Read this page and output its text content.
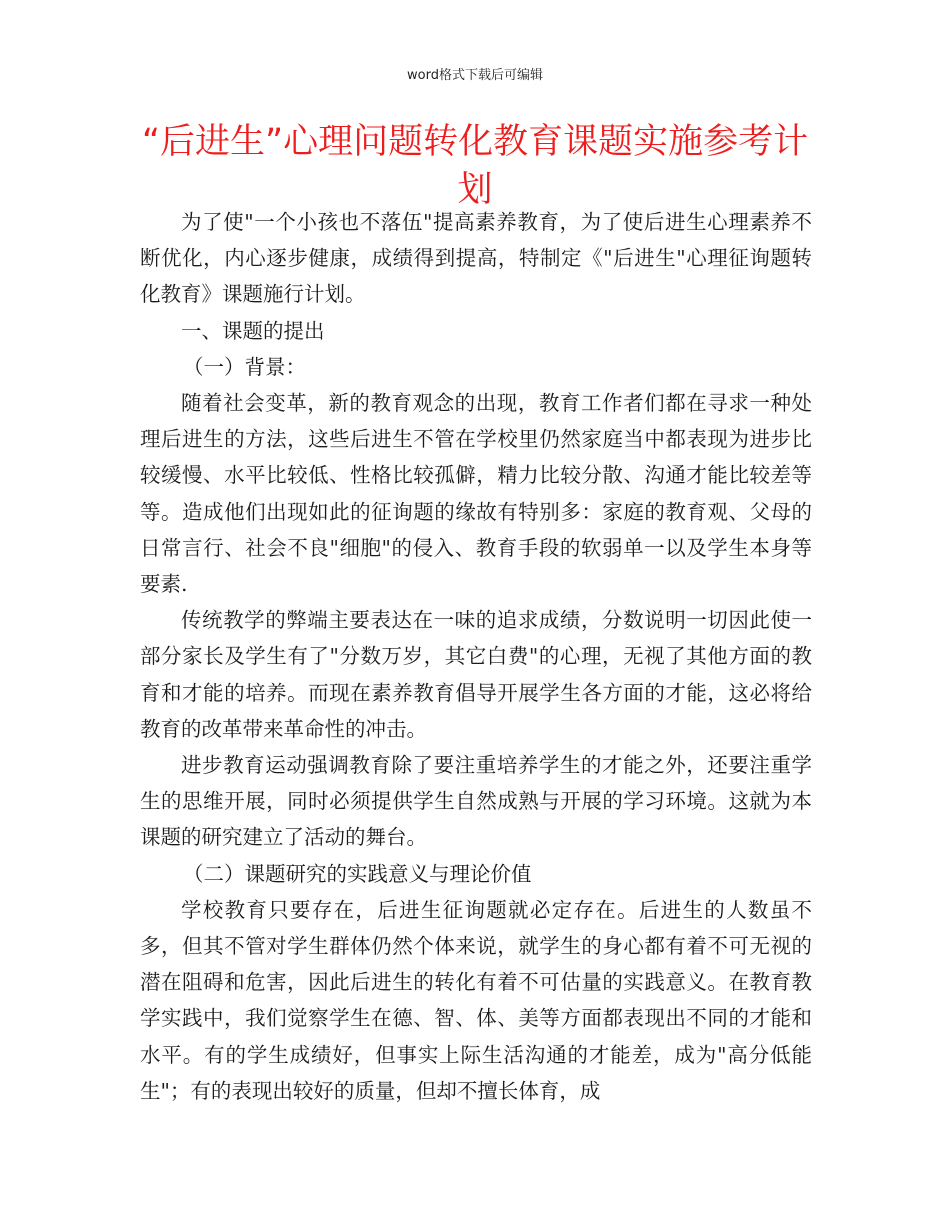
word格式下载后可编辑
“后进生”心理问题转化教育课题实施参考计划

为了使"一个小孩也不落伍"提高素养教育，为了使后进生心理素养不断优化，内心逐步健康，成绩得到提高，特制定《"后进生"心理征询题转化教育》课题施行计划。

一、课题的提出

（一）背景：

随着社会变革，新的教育观念的出现，教育工作者们都在寻求一种处理后进生的方法，这些后进生不管在学校里仍然家庭当中都表现为进步比较缓慢、水平比较低、性格比较孤僻，精力比较分散、沟通才能比较差等等。造成他们出现如此的征询题的缘故有特别多：家庭的教育观、父母的日常言行、社会不良"细胞"的侵入、教育手段的软弱单一以及学生本身等要素.

传统教学的弊端主要表达在一味的追求成绩，分数说明一切因此使一部分家长及学生有了"分数万岁，其它白费"的心理，无视了其他方面的教育和才能的培养。而现在素养教育倡导开展学生各方面的才能，这必将给教育的改革带来革命性的冲击。

进步教育运动强调教育除了要注重培养学生的才能之外，还要注重学生的思维开展，同时必须提供学生自然成熟与开展的学习环境。这就为本课题的研究建立了活动的舞台。

（二）课题研究的实践意义与理论价值

学校教育只要存在，后进生征询题就必定存在。后进生的人数虽不多，但其不管对学生群体仍然个体来说，就学生的身心都有着不可无视的潜在阻碍和危害，因此后进生的转化有着不可估量的实践意义。在教育教学实践中，我们觉察学生在德、智、体、美等方面都表现出不同的才能和水平。有的学生成绩好，但事实上际生活沟通的才能差，成为"高分低能生"；有的表现出较好的质量，但却不擅长体育，成
